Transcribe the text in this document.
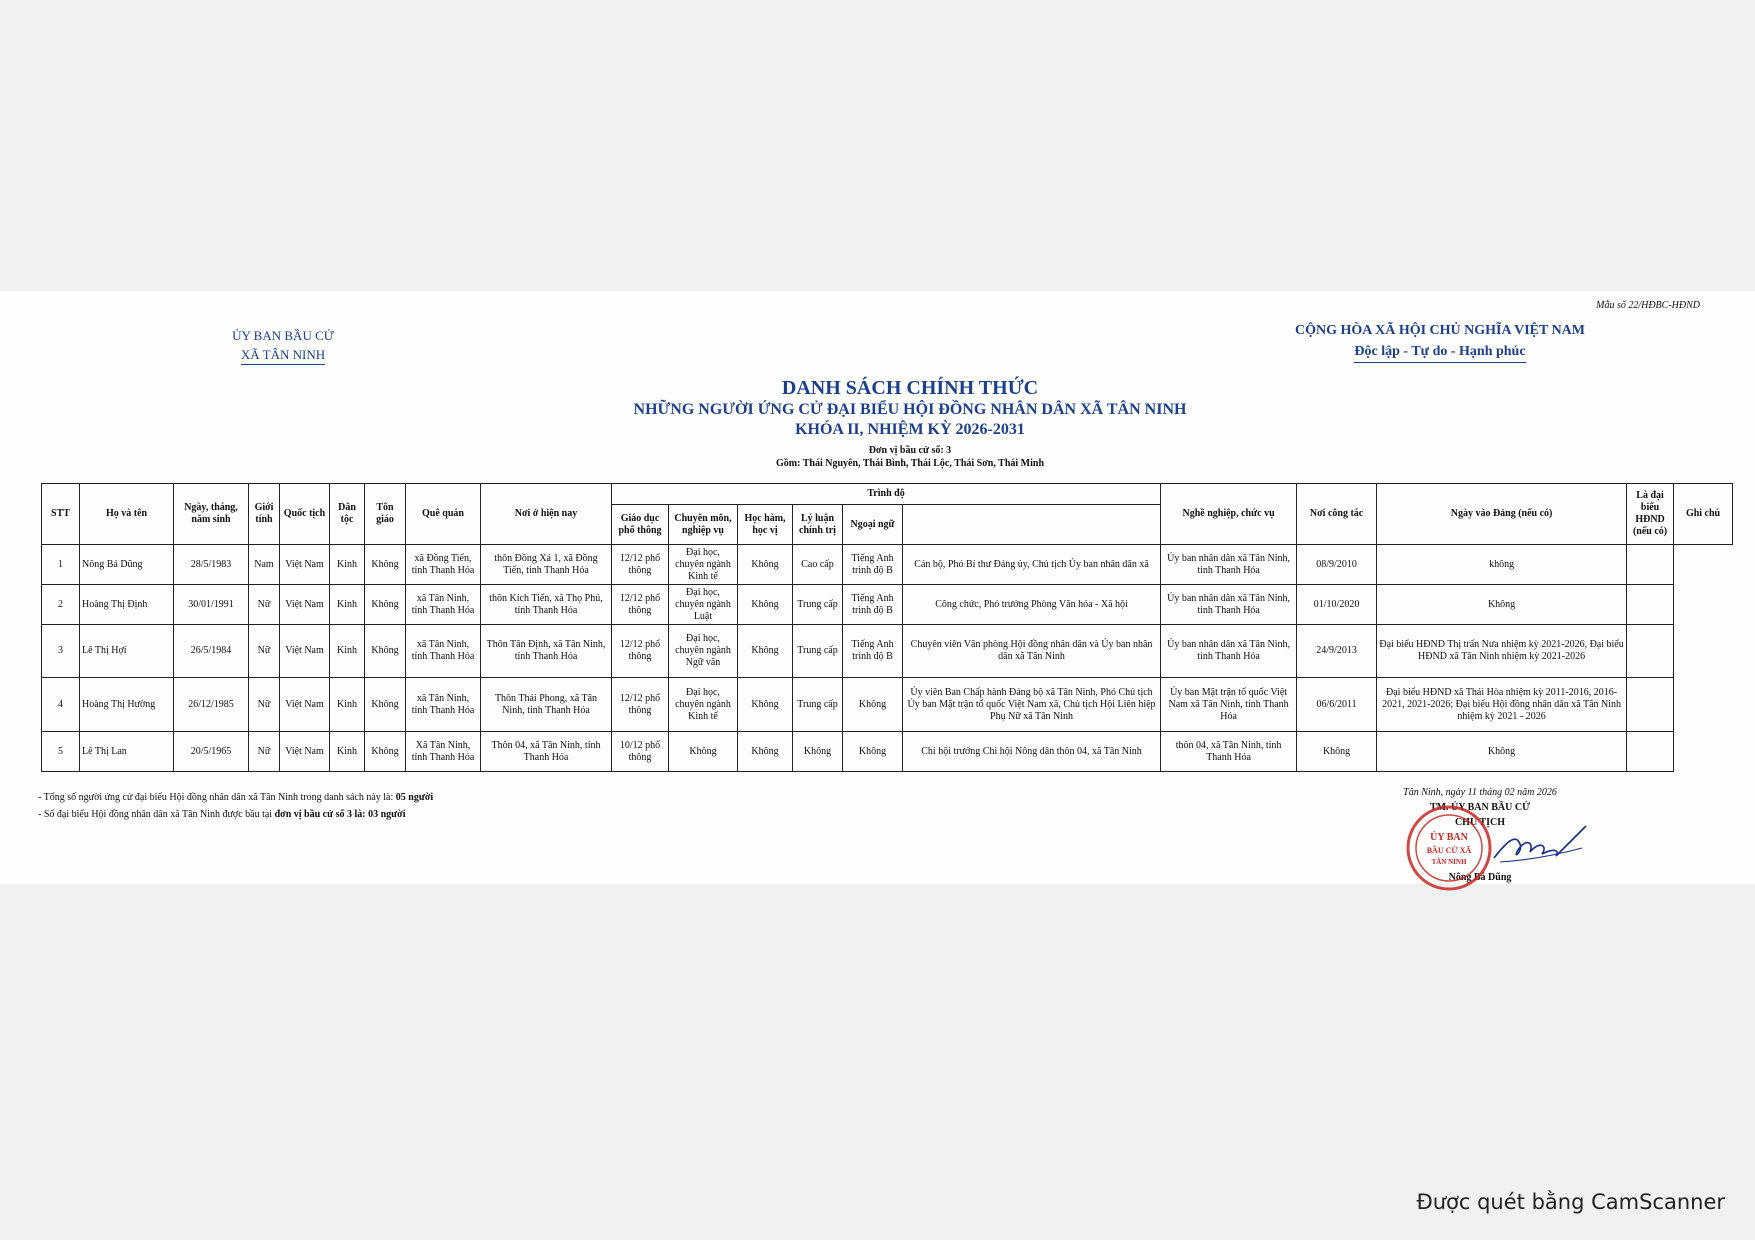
Mẫu số 22/HĐBC-HĐND
ỦY BAN BẦU CỬ
XÃ TÂN NINH
CỘNG HÒA XÃ HỘI CHỦ NGHĨA VIỆT NAM
Độc lập - Tự do - Hạnh phúc
DANH SÁCH CHÍNH THỨC
NHỮNG NGƯỜI ỨNG CỬ ĐẠI BIỂU HỘI ĐỒNG NHÂN DÂN XÃ TÂN NINH
KHÓA II, NHIỆM KỲ 2026-2031
Đơn vị bầu cử số: 3
Gồm: Thái Nguyên, Thái Bình, Thái Lộc, Thái Sơn, Thái Minh
STT	Họ và tên	Ngày, tháng, năm sinh	Giới tính	Quốc tịch	Dân tộc	Tôn giáo	Quê quán	Nơi ở hiện nay	Trình độ						Nghề nghiệp, chức vụ	Nơi công tác	Ngày vào Đảng (nếu có)	Là đại biểu HĐND (nếu có)	Ghi chú
									Giáo dục phổ thông	Chuyên môn, nghiệp vụ	Học hàm, học vị	Lý luận chính trị	Ngoại ngữ						
1	Nông Bá Dũng	28/5/1983	Nam	Việt Nam	Kinh	Không	xã Đồng Tiến, tỉnh Thanh Hóa	thôn Đồng Xá 1, xã Đồng Tiến, tỉnh Thanh Hóa	12/12 phổ thông	Đại học, chuyên ngành Kinh tế	Không	Cao cấp	Tiếng Anh trình độ B	Cán bộ, Phó Bí thư Đảng ủy, Chủ tịch Ủy ban nhân dân xã	Ủy ban nhân dân xã Tân Ninh, tỉnh Thanh Hóa	08/9/2010	không		
2	Hoàng Thị Định	30/01/1991	Nữ	Việt Nam	Kinh	Không	xã Tân Ninh, tỉnh Thanh Hóa	thôn Kích Tiến, xã Thọ Phú, tỉnh Thanh Hóa	12/12 phổ thông	Đại học, chuyên ngành Luật	Không	Trung cấp	Tiếng Anh trình độ B	Công chức, Phó trưởng Phòng Văn hóa - Xã hội	Ủy ban nhân dân xã Tân Ninh, tỉnh Thanh Hóa	01/10/2020	Không		
3	Lê Thị Hợi	26/5/1984	Nữ	Việt Nam	Kinh	Không	xã Tân Ninh, tỉnh Thanh Hóa	Thôn Tân Định, xã Tân Ninh, tỉnh Thanh Hóa	12/12 phổ thông	Đại học, chuyên ngành Ngữ văn	Không	Trung cấp	Tiếng Anh trình độ B	Chuyên viên Văn phòng Hội đồng nhân dân và Ủy ban nhân dân xã Tân Ninh	Ủy ban nhân dân xã Tân Ninh, tỉnh Thanh Hóa	24/9/2013	Đại biểu HĐND Thị trấn Nưa nhiệm kỳ 2021-2026, Đại biểu HĐND xã Tân Ninh nhiệm kỳ 2021-2026		
4	Hoàng Thị Hường	26/12/1985	Nữ	Việt Nam	Kinh	Không	xã Tân Ninh, tỉnh Thanh Hóa	Thôn Thái Phong, xã Tân Ninh, tỉnh Thanh Hóa	12/12 phổ thông	Đại học, chuyên ngành Kinh tế	Không	Trung cấp	Không	Ủy viên Ban Chấp hành Đảng bộ xã Tân Ninh, Phó Chủ tịch Ủy ban Mặt trận tổ quốc Việt Nam xã, Chủ tịch Hội Liên hiệp Phụ Nữ xã Tân Ninh	Ủy ban Mặt trận tổ quốc Việt Nam xã Tân Ninh, tỉnh Thanh Hóa	06/6/2011	Đại biểu HĐND xã Thái Hòa nhiệm kỳ 2011-2016, 2016-2021, 2021-2026; Đại biểu Hội đồng nhân dân xã Tân Ninh nhiệm kỳ 2021 - 2026		
5	Lê Thị Lan	20/5/1965	Nữ	Việt Nam	Kinh	Không	Xã Tân Ninh, tỉnh Thanh Hóa	Thôn 04, xã Tân Ninh, tỉnh Thanh Hóa	10/12 phổ thông	Không	Không	Không	Không	Chi hội trưởng Chi hội Nông dân thôn 04, xã Tân Ninh	thôn 04, xã Tân Ninh, tỉnh Thanh Hóa	Không	Không		
- Tổng số người ứng cử đại biểu Hội đồng nhân dân xã Tân Ninh trong danh sách này là: 05 người
- Số đại biểu Hội đồng nhân dân xã Tân Ninh được bầu tại đơn vị bầu cử số 3 là: 03 người
Tân Ninh, ngày 11 tháng 02 năm 2026
TM. ỦY BAN BẦU CỬ
CHỦ TỊCH
Nông Bá Dũng
ỦY BAN
BẦU CỬ XÃ
TÂN NINH
Được quét bằng CamScanner
